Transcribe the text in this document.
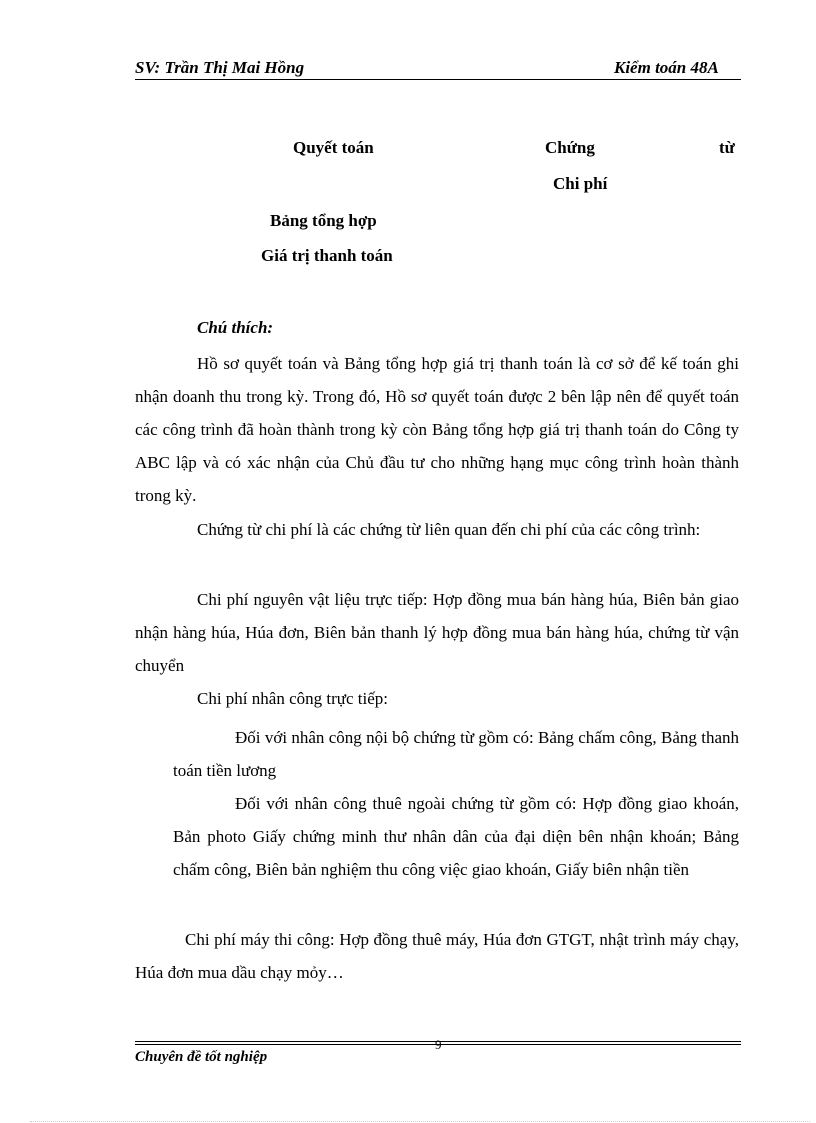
SV: Trần Thị Mai Hồng	Kiểm toán 48A
Quyết toán	Chứng	từ
Chi phí
Bảng tổng hợp
Giá trị thanh toán
Chú thích:
Hồ sơ quyết toán và Bảng tổng hợp giá trị thanh toán là cơ sở để kế toán ghi nhận doanh thu trong kỳ. Trong đó, Hồ sơ quyết toán được 2 bên lập nên để quyết toán các công trình đã hoàn thành trong kỳ còn Bảng tổng hợp giá trị thanh toán do Công ty ABC lập và có xác nhận của Chủ đầu tư cho những hạng mục công trình hoàn thành trong kỳ.
Chứng từ chi phí là các chứng từ liên quan đến chi phí của các công trình:
Chi phí nguyên vật liệu trực tiếp: Hợp đồng mua bán hàng húa, Biên bản giao nhận hàng húa, Húa đơn, Biên bản thanh lý hợp đồng mua bán hàng húa, chứng từ vận chuyển
Chi phí nhân công trực tiếp:
Đối với nhân công nội bộ chứng từ gồm có: Bảng chấm công, Bảng thanh toán tiền lương
Đối với nhân công thuê ngoài chứng từ gồm có: Hợp đồng giao khoán, Bản photo Giấy chứng minh thư nhân dân của đại diện bên nhận khoán; Bảng chấm công, Biên bản nghiệm thu công việc giao khoán, Giấy biên nhận tiền
Chi phí máy thi công: Hợp đồng thuê máy, Húa đơn GTGT, nhật trình máy chạy, Húa đơn mua dầu chạy mỏy…
9
Chuyên đề tốt nghiệp
